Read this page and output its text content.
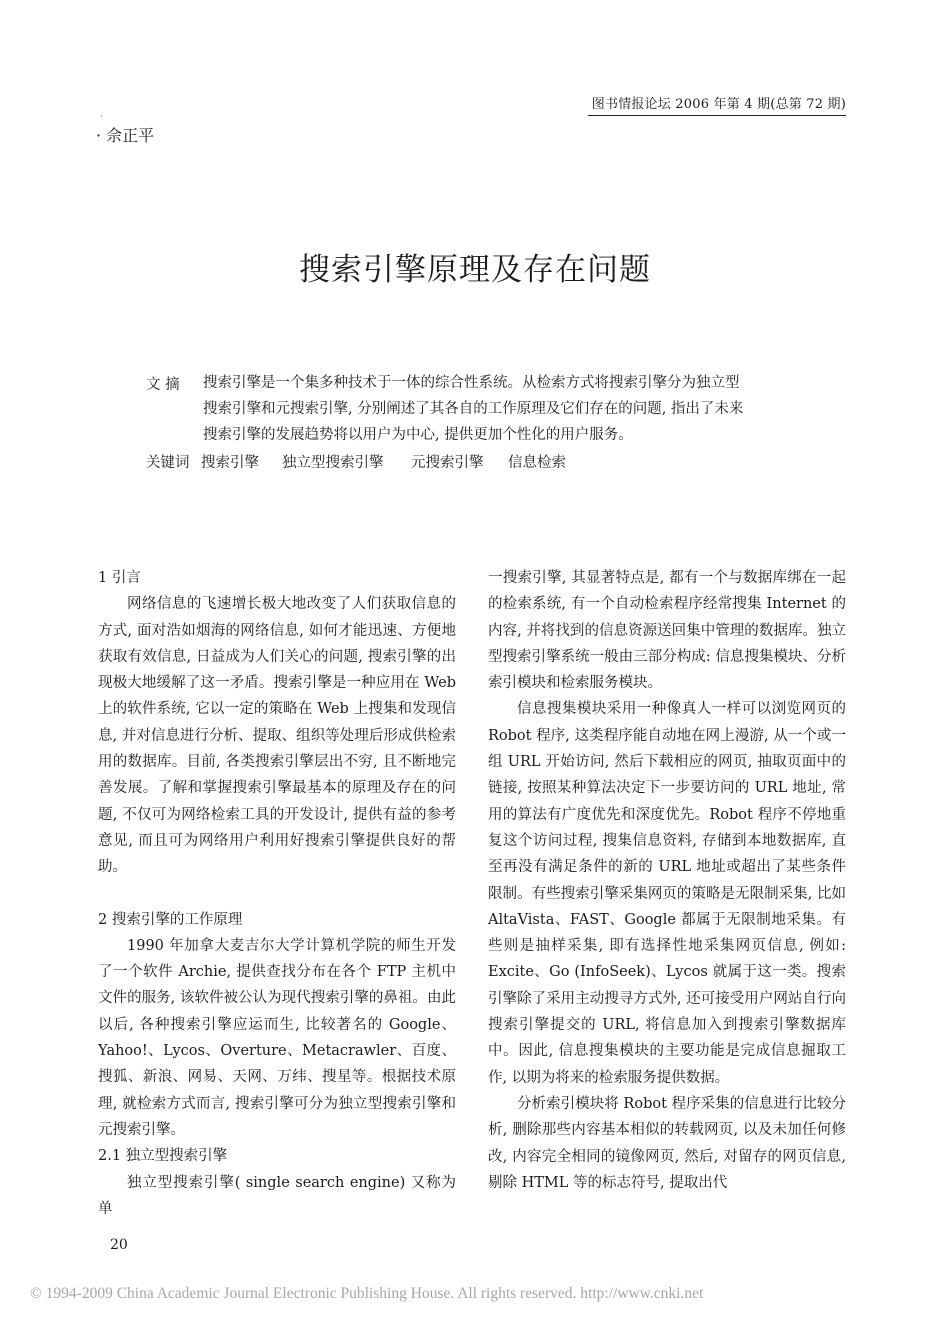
图书情报论坛 2006 年第 4 期(总第 72 期)
·
· 佘正平
搜索引擎原理及存在问题
文 摘	搜索引擎是一个集多种技术于一体的综合性系统。从检索方式将搜索引擎分为独立型
搜索引擎和元搜索引擎, 分别阐述了其各自的工作原理及它们存在的问题, 指出了未来
搜索引擎的发展趋势将以用户为中心, 提供更加个性化的用户服务。
关键词 搜索引擎 独立型搜索引擎 元搜索引擎 信息检索

1 引言

网络信息的飞速增长极大地改变了人们获取信息的方式, 面对浩如烟海的网络信息, 如何才能迅速、方便地获取有效信息, 日益成为人们关心的问题, 搜索引擎的出现极大地缓解了这一矛盾。搜索引擎是一种应用在 Web 上的软件系统, 它以一定的策略在 Web 上搜集和发现信息, 并对信息进行分析、提取、组织等处理后形成供检索用的数据库。目前, 各类搜索引擎层出不穷, 且不断地完善发展。了解和掌握搜索引擎最基本的原理及存在的问题, 不仅可为网络检索工具的开发设计, 提供有益的参考意见, 而且可为网络用户利用好搜索引擎提供良好的帮助。

2 搜索引擎的工作原理

1990 年加拿大麦吉尔大学计算机学院的师生开发了一个软件 Archie, 提供查找分布在各个 FTP 主机中文件的服务, 该软件被公认为现代搜索引擎的鼻祖。由此以后, 各种搜索引擎应运而生, 比较著名的 Google、Yahoo!、Lycos、Overture、Metacrawler、百度、搜狐、新浪、网易、天网、万纬、搜星等。根据技术原理, 就检索方式而言, 搜索引擎可分为独立型搜索引擎和元搜索引擎。

2.1 独立型搜索引擎

独立型搜索引擎( single search engine) 又称为单

一搜索引擎, 其显著特点是, 都有一个与数据库绑在一起的检索系统, 有一个自动检索程序经常搜集 Internet 的内容, 并将找到的信息资源送回集中管理的数据库。独立型搜索引擎系统一般由三部分构成: 信息搜集模块、分析索引模块和检索服务模块。

信息搜集模块采用一种像真人一样可以浏览网页的 Robot 程序, 这类程序能自动地在网上漫游, 从一个或一组 URL 开始访问, 然后下载相应的网页, 抽取页面中的链接, 按照某种算法决定下一步要访问的 URL 地址, 常用的算法有广度优先和深度优先。Robot 程序不停地重复这个访问过程, 搜集信息资料, 存储到本地数据库, 直至再没有满足条件的新的 URL 地址或超出了某些条件限制。有些搜索引擎采集网页的策略是无限制采集, 比如 AltaVista、FAST、Google 都属于无限制地采集。有些则是抽样采集, 即有选择性地采集网页信息, 例如: Excite、Go (InfoSeek)、Lycos 就属于这一类。搜索引擎除了采用主动搜寻方式外, 还可接受用户网站自行向搜索引擎提交的 URL, 将信息加入到搜索引擎数据库中。因此, 信息搜集模块的主要功能是完成信息掘取工作, 以期为将来的检索服务提供数据。

分析索引模块将 Robot 程序采集的信息进行比较分析, 删除那些内容基本相似的转载网页, 以及未加任何修改, 内容完全相同的镜像网页, 然后, 对留存的网页信息, 剔除 HTML 等的标志符号, 提取出代

20
© 1994-2009 China Academic Journal Electronic Publishing House. All rights reserved. http://www.cnki.net
